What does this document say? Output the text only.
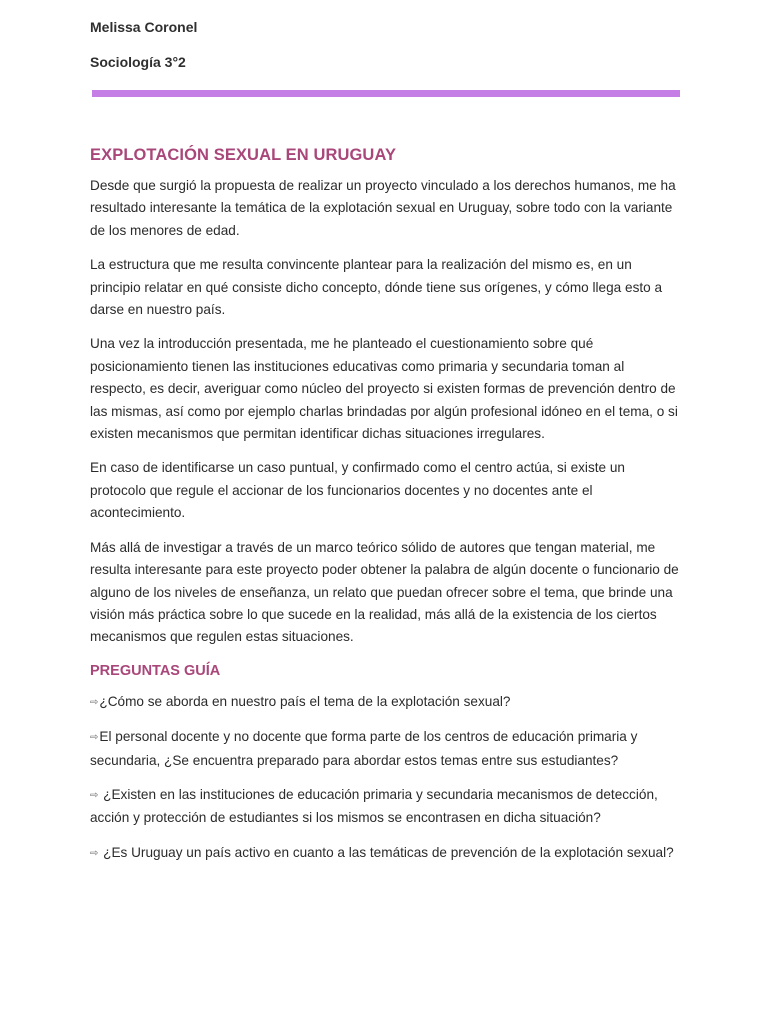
Melissa Coronel

Sociología 3°2

EXPLOTACIÓN SEXUAL EN URUGUAY

Desde que surgió la propuesta de realizar un proyecto vinculado a los derechos humanos, me ha resultado interesante la temática de la explotación sexual en Uruguay, sobre todo con la variante de los menores de edad.

La estructura que me resulta convincente plantear para la realización del mismo es, en un principio relatar en qué consiste dicho concepto, dónde tiene sus orígenes, y cómo llega esto a darse en nuestro país.

Una vez la introducción presentada, me he planteado el cuestionamiento sobre qué posicionamiento tienen las instituciones educativas como primaria y secundaria toman al respecto, es decir, averiguar como núcleo del proyecto si existen formas de prevención dentro de las mismas, así como por ejemplo charlas brindadas por algún profesional idóneo en el tema, o si existen mecanismos que permitan identificar dichas situaciones irregulares.

En caso de identificarse un caso puntual, y confirmado como el centro actúa, si existe un protocolo que regule el accionar de los funcionarios docentes y no docentes ante el acontecimiento.

Más allá de investigar a través de un marco teórico sólido de autores que tengan material, me resulta interesante para este proyecto poder obtener la palabra de algún docente o funcionario de alguno de los niveles de enseñanza, un relato que puedan ofrecer sobre el tema, que brinde una visión más práctica sobre lo que sucede en la realidad, más allá de la existencia de los ciertos mecanismos que regulen estas situaciones.

PREGUNTAS GUÍA
⇨¿Cómo se aborda en nuestro país el tema de la explotación sexual?
⇨El personal docente y no docente que forma parte de los centros de educación primaria y secundaria, ¿Se encuentra preparado para abordar estos temas entre sus estudiantes?
⇨ ¿Existen en las instituciones de educación primaria y secundaria mecanismos de detección, acción y protección de estudiantes si los mismos se encontrasen en dicha situación?
⇨ ¿Es Uruguay un país activo en cuanto a las temáticas de prevención de la explotación sexual?
